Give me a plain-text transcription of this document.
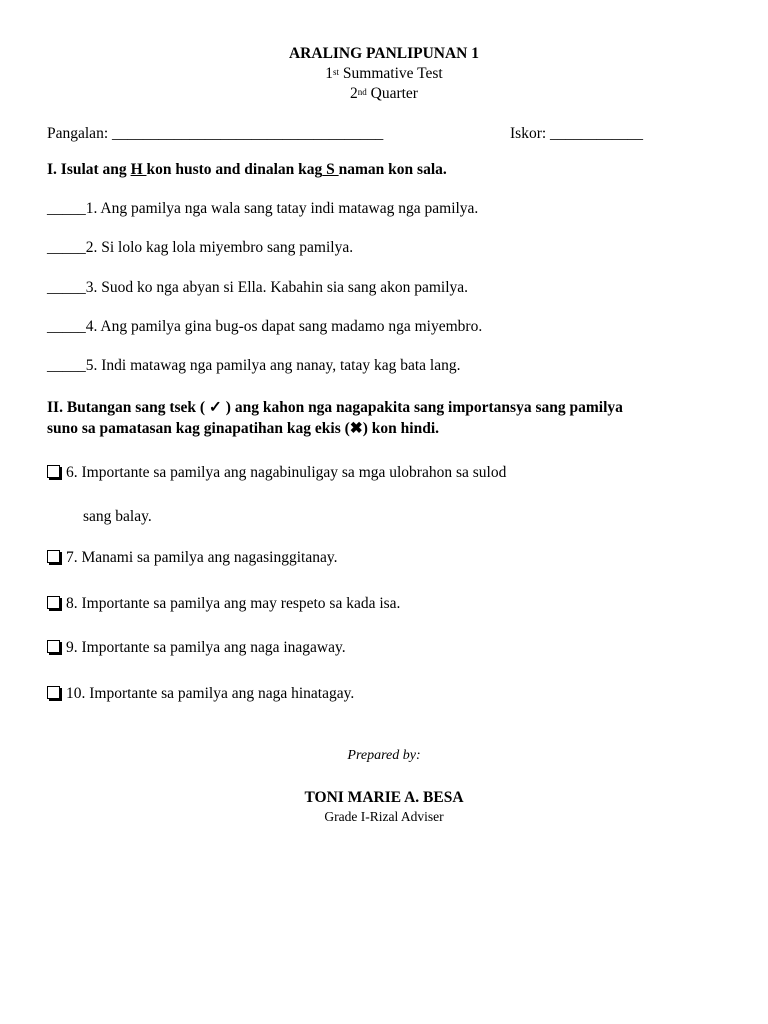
ARALING PANLIPUNAN 1
1st Summative Test
2nd Quarter
Pangalan: ___________________________________	Iskor: ____________
I. Isulat ang H kon husto and dinalan kag S naman kon sala.
_____1. Ang pamilya nga wala sang tatay indi matawag nga pamilya.
_____2. Si lolo kag lola miyembro sang pamilya.
_____3. Suod ko nga abyan si Ella. Kabahin sia sang akon pamilya.
_____4. Ang pamilya gina bug-os dapat sang madamo nga miyembro.
_____5. Indi matawag nga pamilya ang nanay, tatay kag bata lang.
II. Butangan sang tsek ( ✓ ) ang kahon nga nagapakita sang importansya sang pamilya
suno sa pamatasan kag ginapatihan kag ekis (✖) kon hindi.
6. Importante sa pamilya ang nagabinuligay sa mga ulobrahon sa sulod
sang balay.
7. Manami sa pamilya ang nagasinggitanay.
8. Importante sa pamilya ang may respeto sa kada isa.
9. Importante sa pamilya ang naga inagaway.
10. Importante sa pamilya ang naga hinatagay.
Prepared by:
TONI MARIE A. BESA
Grade I-Rizal Adviser
